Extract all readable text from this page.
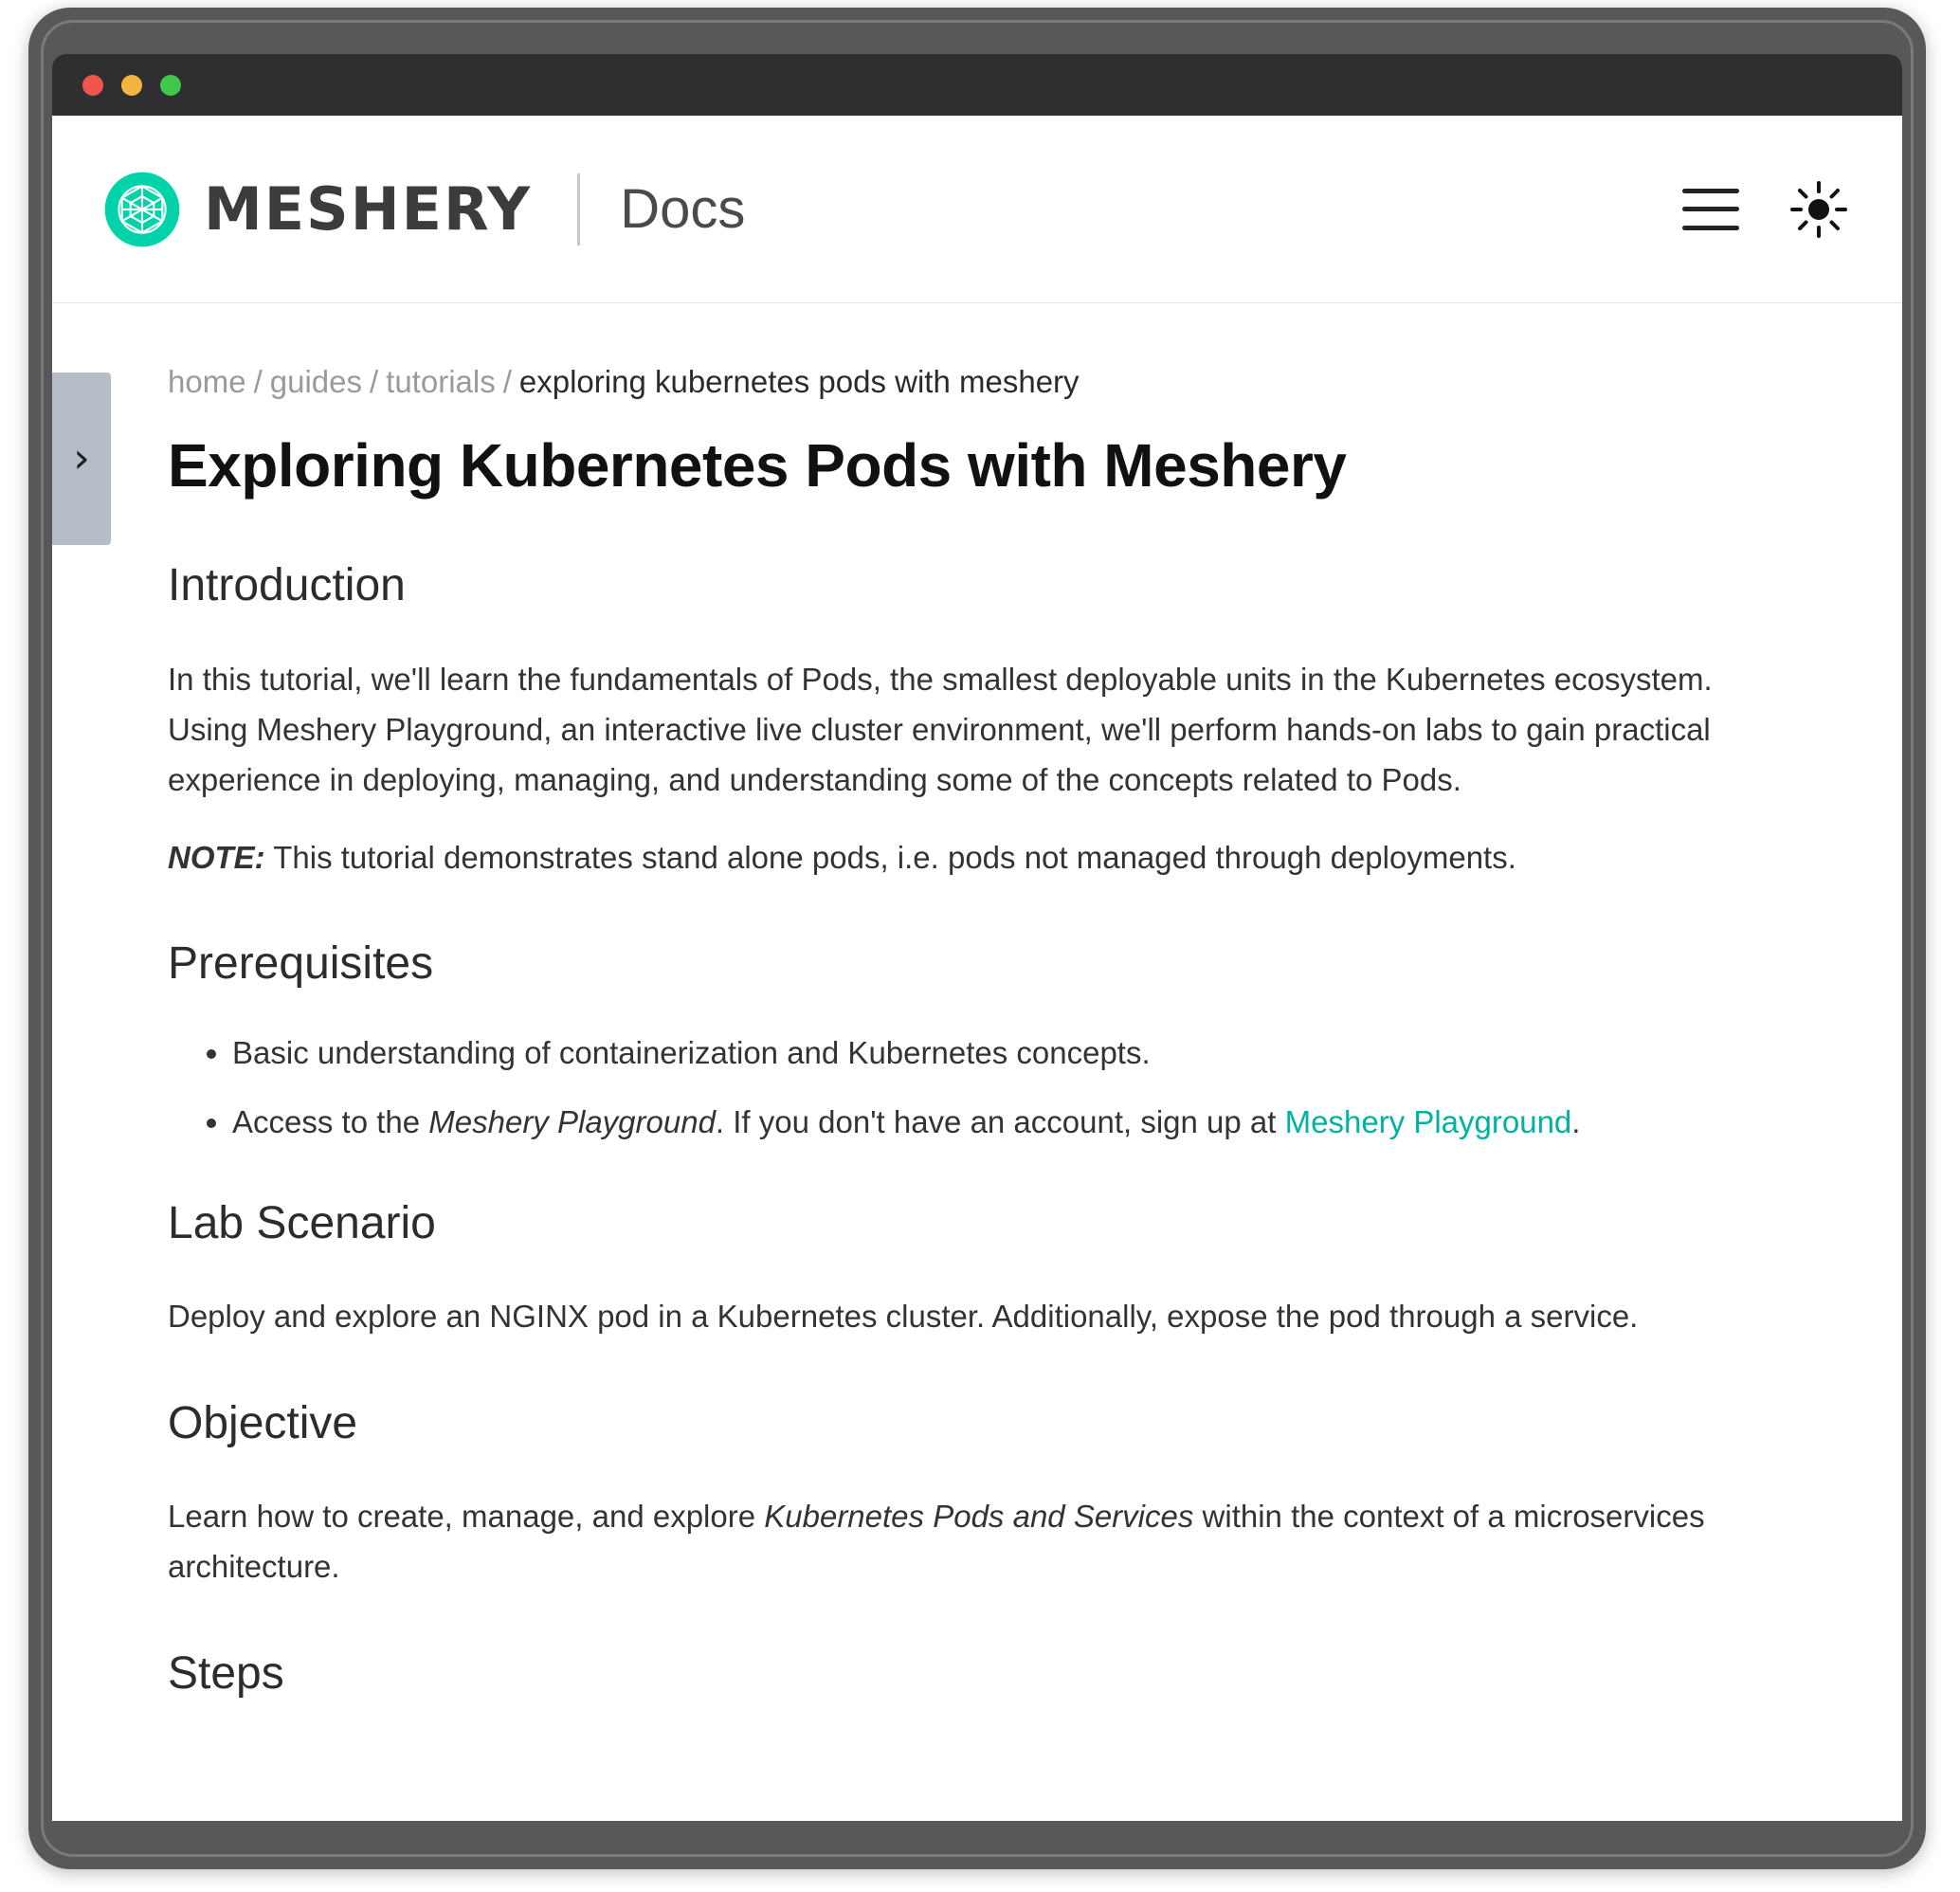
MESHERY Docs
›
home / guides / tutorials / exploring kubernetes pods with meshery
Exploring Kubernetes Pods with Meshery
Introduction

In this tutorial, we'll learn the fundamentals of Pods, the smallest deployable units in the Kubernetes ecosystem. Using Meshery Playground, an interactive live cluster environment, we'll perform hands-on labs to gain practical experience in deploying, managing, and understanding some of the concepts related to Pods.

NOTE: This tutorial demonstrates stand alone pods, i.e. pods not managed through deployments.

Prerequisites
• Basic understanding of containerization and Kubernetes concepts.
• Access to the Meshery Playground. If you don't have an account, sign up at Meshery Playground.
Lab Scenario

Deploy and explore an NGINX pod in a Kubernetes cluster. Additionally, expose the pod through a service.

Objective

Learn how to create, manage, and explore Kubernetes Pods and Services within the context of a microservices architecture.

Steps
